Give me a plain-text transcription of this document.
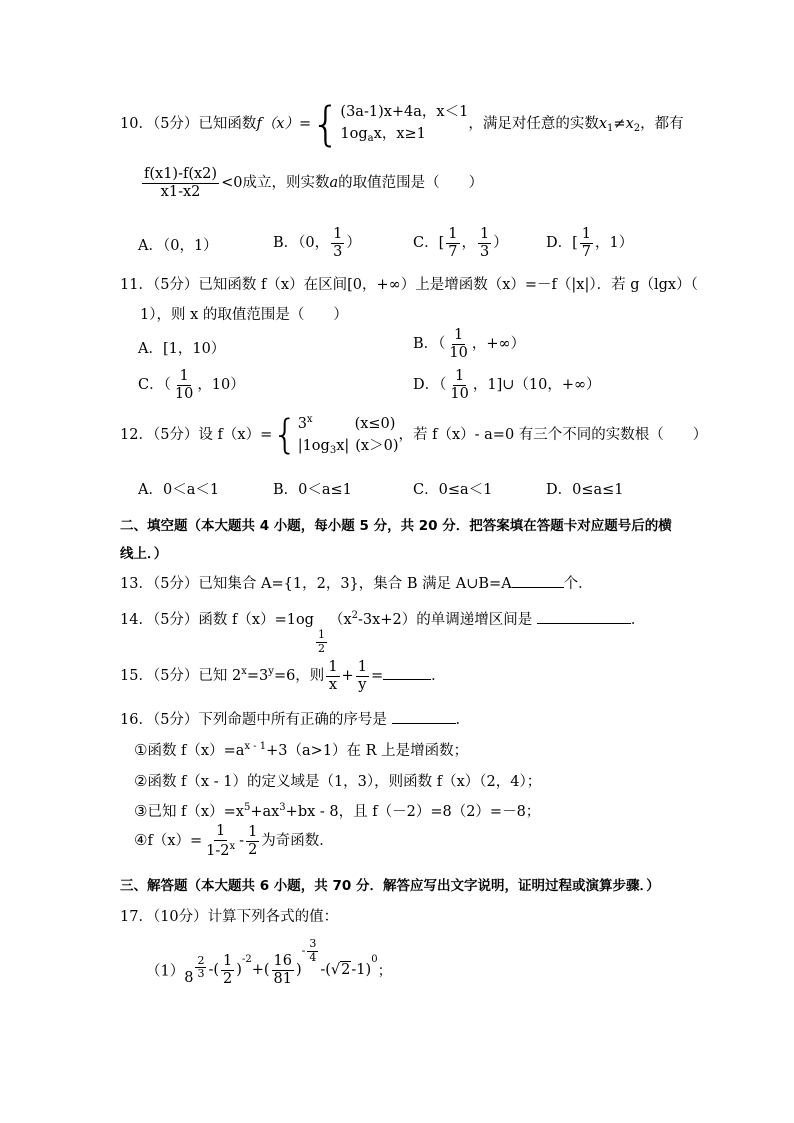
10．（5分）已知函数f（x）={ (3a-1)x+4a，x＜1
$1og_ax$，x≥1
，满足对任意的实数$x_1\ne x_2$，都有
$\frac{f(x1)-f(x2)}{x1-x2} <0$成立，则实数a的取值范围是（　　）
A．（0，1）	B．（0， $\frac{1}{3}$ ）	C．[ $\frac{1}{7}$ ， $\frac{1}{3}$ ）	D．[ $\frac{1}{7}$ ，1）
11．（5分）已知函数 f（x）在区间[0，+∞）上是增函数（x）=－f（|x|）．若 g（lgx）（
1），则 x 的取值范围是（　　）
A．[1，10）	B．（ $\frac{1}{10}$ ，+∞）
C．（ $\frac{1}{10}$ ，10）	D．（ $\frac{1}{10}$ ，1]∪（10，+∞）
12．（5分）设 f（x）={ 3$^x$	(x≤0)
$|1og_3x|$ (x＞0)
，若 f（x）- a=0 有三个不同的实数根（　　）
A．0＜a＜1	B．0＜a≤1	C．0≤a＜1	D．0≤a≤1
二、填空题（本大题共 4 小题，每小题 5 分，共 20 分．把答案填在答题卡对应题号后的横
线上．）
13．（5分）已知集合 A={1，2，3}，集合 B 满足 A∪B=A	个．
14．（5分）函数 f（x）=1og
$\frac{1}{2}$
$(x^2-3x+2)$的单调递增区间是	．
15．（5分）已知 $2^x=3^y=6$，则 $\frac{1}{x} + \frac{1}{y}$ =	．
16．（5分）下列命题中所有正确的序号是	．
①函数 $f(x)=a^{x - 1}+3(a>1)$在 R 上是增函数；
②函数 f（x - 1）的定义域是（1，3），则函数 f（x）（2，4）；
③已知 $f(x)=x^5+ax^3+bx - 8$，且 f（－2）=8（2）=－8；
④f（x）= $\frac{1}{1-2^x} - \frac{1}{2}$ 为奇函数．
三、解答题（本大题共 6 小题，共 70 分．解答应写出文字说明，证明过程或演算步骤．）
17．（10分）计算下列各式的值：
$(1)8 \frac{2}{3}$ -( $\frac{1}{2} )^{-2}+( \frac{16}{81} )^{- \frac{3}{4}}$
$-(√2-1)^0$；
